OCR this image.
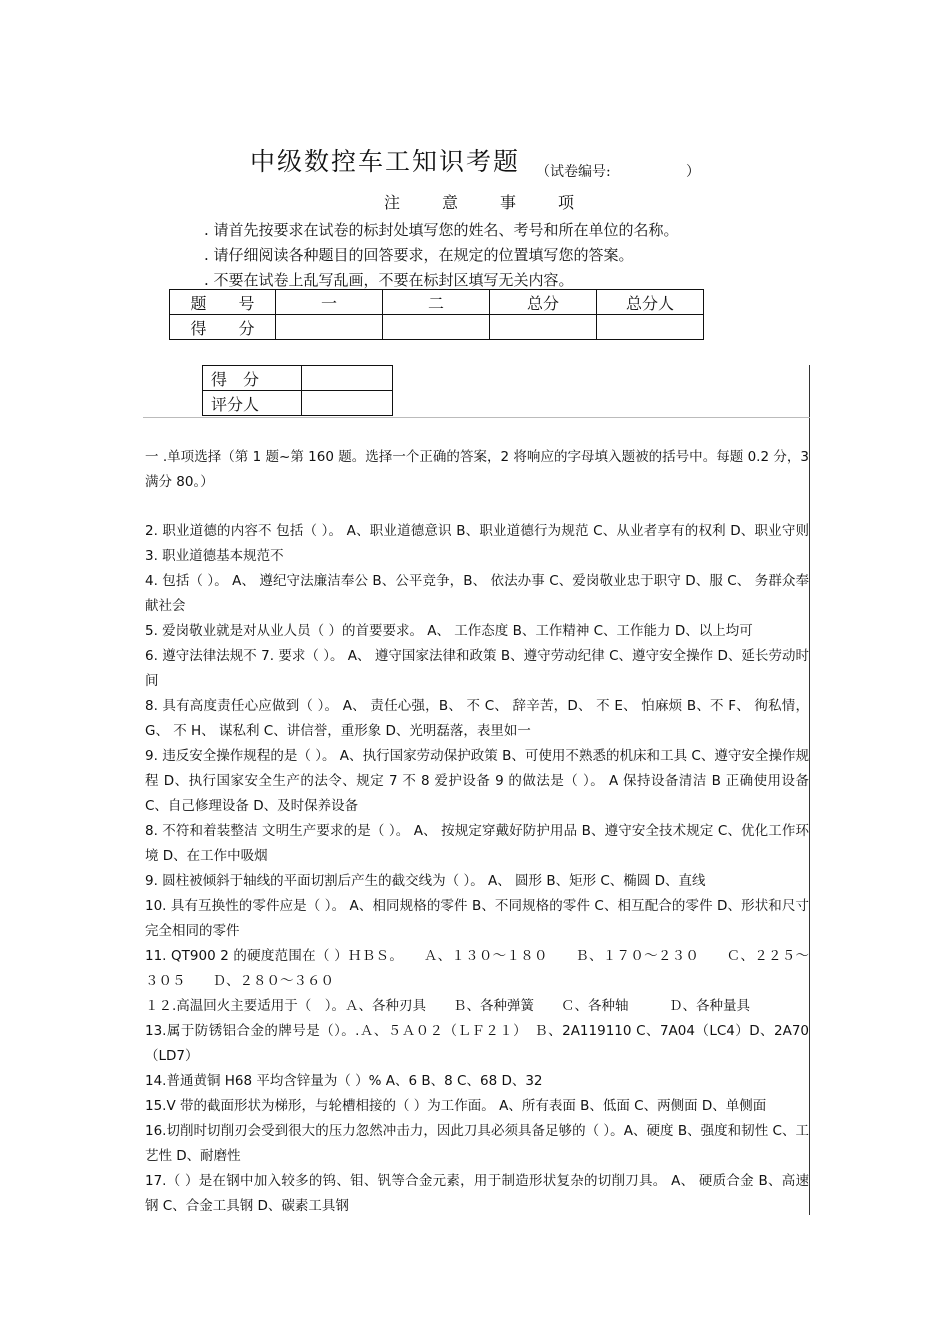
中级数控车工知识考题 （试卷编号:	）
注	意	事	项
. 请首先按要求在试卷的标封处填写您的姓名、考号和所在单位的名称。
. 请仔细阅读各种题目的回答要求，在规定的位置填写您的答案。
. 不要在试卷上乱写乱画，不要在标封区填写无关内容。
题　　号	一	二	总分	总分人
得　　分				
得　分	
评分人	

一 .单项选择（第 1 题~第 160 题。选择一个正确的答案，2 将响应的字母填入题被的括号中。每题 0.2 分，3 满分 80。）

2. 职业道德的内容不 包括（ ）。 A、职业道德意识 B、职业道德行为规范 C、从业者享有的权利 D、职业守则 3. 职业道德基本规范不

4. 包括（ ）。 A、 遵纪守法廉洁奉公 B、公平竞争，B、 依法办事 C、爱岗敬业忠于职守 D、服 C、 务群众奉献社会

5. 爱岗敬业就是对从业人员（ ）的首要要求。 A、 工作态度 B、工作精神 C、工作能力 D、以上均可

6. 遵守法律法规不 7. 要求（ ）。 A、 遵守国家法律和政策 B、遵守劳动纪律 C、遵守安全操作 D、延长劳动时间

8. 具有高度责任心应做到（ ）。 A、 责任心强，B、 不 C、 辞辛苦，D、 不 E、 怕麻烦 B、不 F、 徇私情，G、 不 H、 谋私利 C、讲信誉，重形象 D、光明磊落，表里如一

9. 违反安全操作规程的是（ ）。 A、执行国家劳动保护政策 B、可使用不熟悉的机床和工具 C、遵守安全操作规程 D、执行国家安全生产的法令、规定 7 不 8 爱护设备 9 的做法是（ ）。 A 保持设备清洁 B 正确使用设备 C、自己修理设备 D、及时保养设备

8. 不符和着装整洁 文明生产要求的是（ ）。 A、 按规定穿戴好防护用品 B、遵守安全技术规定 C、优化工作环境 D、在工作中吸烟

9. 圆柱被倾斜于轴线的平面切割后产生的截交线为（ ）。 A、 圆形 B、矩形 C、椭圆 D、直线

10. 具有互换性的零件应是（ ）。 A、相同规格的零件 B、不同规格的零件 C、相互配合的零件 D、形状和尺寸完全相同的零件

11. QT900 2 的硬度范围在（ ）ＨＢＳ。　　Ａ、１３０～１８０　　Ｂ、１７０～２３０　　Ｃ、２２５～３０５　　Ｄ、２８０～３６０

１２.高温回火主要适用于（　）。Ａ、各种刃具　　Ｂ、各种弹簧　　Ｃ、各种轴　　　Ｄ、各种量具

13.属于防锈铝合金的牌号是（）。.Ａ、５Ａ０２（ＬＦ２１）　Ｂ、2A119110 C、7A04（LC4）D、2A70（LD7）

14.普通黄铜 H68 平均含锌量为（ ）% A、6 B、8 C、68 D、32

15.V 带的截面形状为梯形，与轮槽相接的（ ）为工作面。 A、所有表面 B、低面 C、两侧面 D、单侧面

16.切削时切削刃会受到很大的压力忽然冲击力，因此刀具必须具备足够的（ ）。A、硬度 B、强度和韧性 C、工艺性 D、耐磨性

17.（ ）是在钢中加入较多的钨、钼、钒等合金元素，用于制造形状复杂的切削刀具。 A、 硬质合金 B、高速钢 C、合金工具钢 D、碳素工具钢
